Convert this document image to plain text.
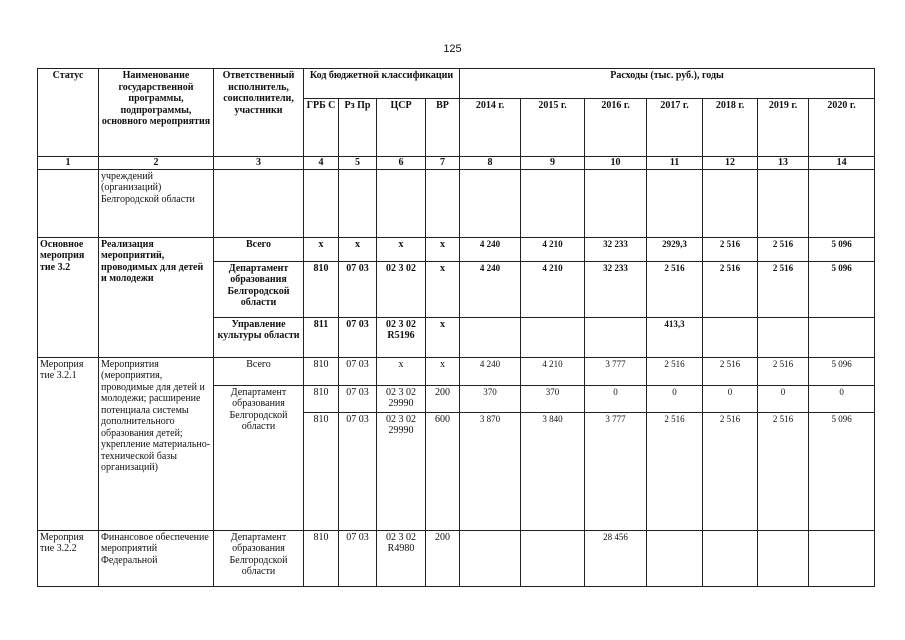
125
Статус	Наименование государственной программы, подпрограммы, основного мероприятия	Ответственный исполнитель, соисполнители, участники	Код бюджетной классификации				Расходы (тыс. руб.), годы						
			ГРБ С	Рз Пр	ЦСР	ВР	2014 г.	2015 г.	2016 г.	2017 г.	2018 г.	2019 г.	2020 г.
1	2	3	4	5	6	7	8	9	10	11	12	13	14
	учреждений (организаций) Белгородской области												
Основное мероприя тие 3.2	Реализация мероприятий, проводимых для детей и молодежи	Всего	х	х	х	х	4 240	4 210	32 233	2929,3	2 516	2 516	5 096
		Департамент образования Белгородской области	810	07 03	02 3 02	х	4 240	4 210	32 233	2 516	2 516	2 516	5 096
		Управление культуры области	811	07 03	02 3 02 R5196	х				413,3			
Мероприя тие 3.2.1	Мероприятия (мероприятия, проводимые для детей и молодежи; расширение потенциала системы дополнительного образования детей; укрепление материально-технической базы организаций)	Всего	810	07 03	х	х	4 240	4 210	3 777	2 516	2 516	2 516	5 096
		Департамент образования Белгородской области	810	07 03	02 3 02 29990	200	370	370	0	0	0	0	0
			810	07 03	02 3 02 29990	600	3 870	3 840	3 777	2 516	2 516	2 516	5 096
Мероприя тие 3.2.2	Финансовое обеспечение мероприятий Федеральной	Департамент образования Белгородской области	810	07 03	02 3 02 R4980	200			28 456				
